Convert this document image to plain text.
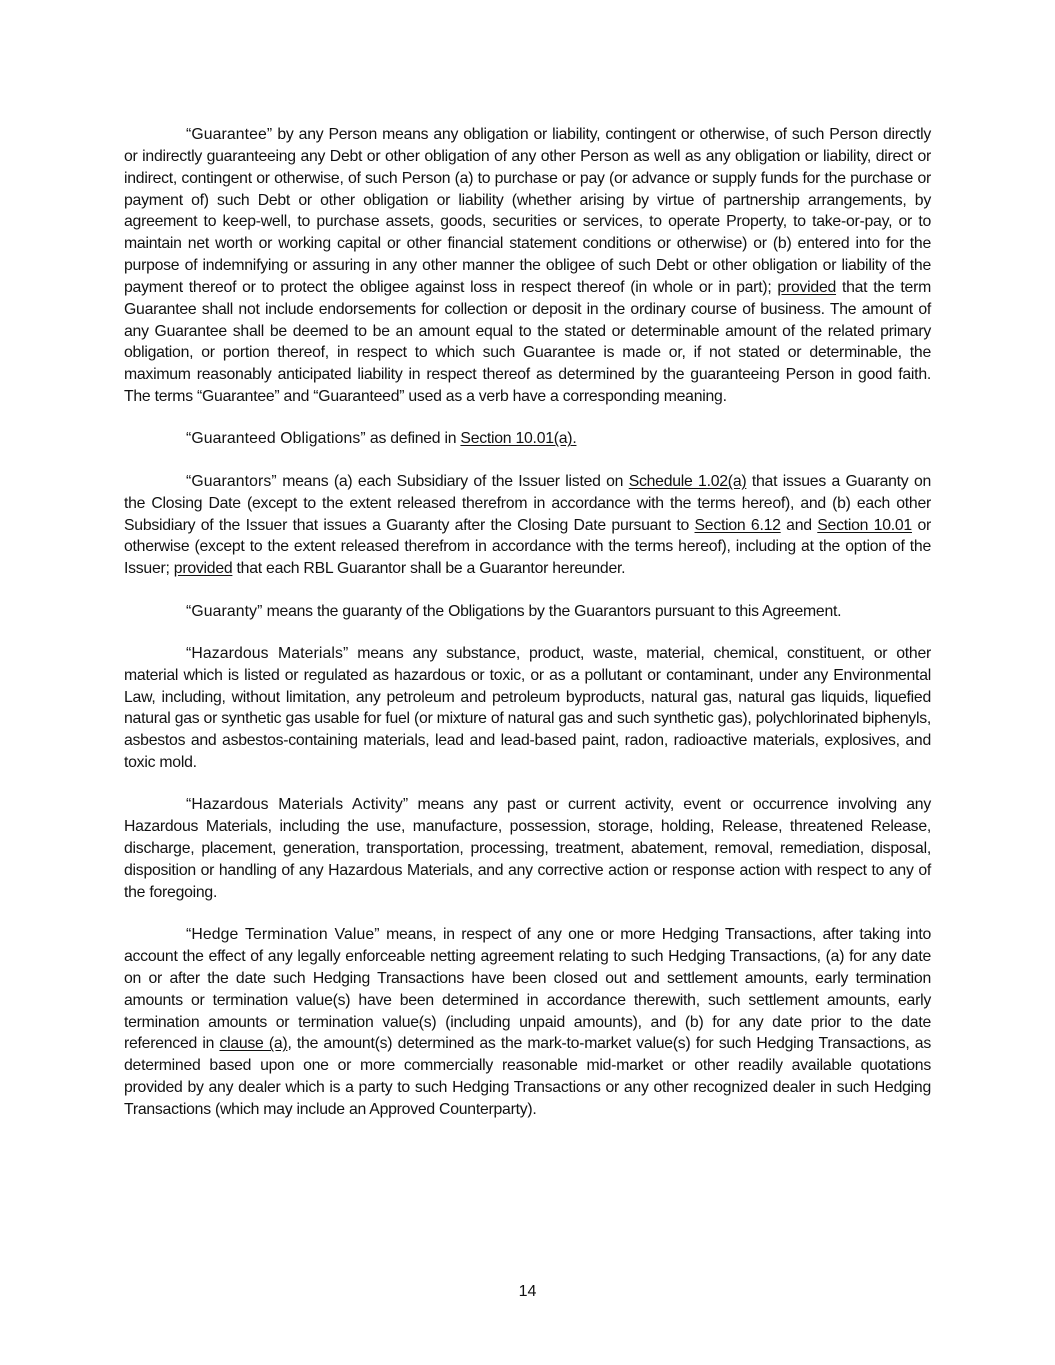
“Guarantee” by any Person means any obligation or liability, contingent or otherwise, of such Person directly or indirectly guaranteeing any Debt or other obligation of any other Person as well as any obligation or liability, direct or indirect, contingent or otherwise, of such Person (a) to purchase or pay (or advance or supply funds for the purchase or payment of) such Debt or other obligation or liability (whether arising by virtue of partnership arrangements, by agreement to keep-well, to purchase assets, goods, securities or services, to operate Property, to take-or-pay, or to maintain net worth or working capital or other financial statement conditions or otherwise) or (b) entered into for the purpose of indemnifying or assuring in any other manner the obligee of such Debt or other obligation or liability of the payment thereof or to protect the obligee against loss in respect thereof (in whole or in part); provided that the term Guarantee shall not include endorsements for collection or deposit in the ordinary course of business. The amount of any Guarantee shall be deemed to be an amount equal to the stated or determinable amount of the related primary obligation, or portion thereof, in respect to which such Guarantee is made or, if not stated or determinable, the maximum reasonably anticipated liability in respect thereof as determined by the guaranteeing Person in good faith. The terms “Guarantee” and “Guaranteed” used as a verb have a corresponding meaning.

“Guaranteed Obligations” as defined in Section 10.01(a).

“Guarantors” means (a) each Subsidiary of the Issuer listed on Schedule 1.02(a) that issues a Guaranty on the Closing Date (except to the extent released therefrom in accordance with the terms hereof), and (b) each other Subsidiary of the Issuer that issues a Guaranty after the Closing Date pursuant to Section 6.12 and Section 10.01 or otherwise (except to the extent released therefrom in accordance with the terms hereof), including at the option of the Issuer; provided that each RBL Guarantor shall be a Guarantor hereunder.

“Guaranty” means the guaranty of the Obligations by the Guarantors pursuant to this Agreement.

“Hazardous Materials” means any substance, product, waste, material, chemical, constituent, or other material which is listed or regulated as hazardous or toxic, or as a pollutant or contaminant, under any Environmental Law, including, without limitation, any petroleum and petroleum byproducts, natural gas, natural gas liquids, liquefied natural gas or synthetic gas usable for fuel (or mixture of natural gas and such synthetic gas), polychlorinated biphenyls, asbestos and asbestos-containing materials, lead and lead-based paint, radon, radioactive materials, explosives, and toxic mold.

“Hazardous Materials Activity” means any past or current activity, event or occurrence involving any Hazardous Materials, including the use, manufacture, possession, storage, holding, Release, threatened Release, discharge, placement, generation, transportation, processing, treatment, abatement, removal, remediation, disposal, disposition or handling of any Hazardous Materials, and any corrective action or response action with respect to any of the foregoing.

“Hedge Termination Value” means, in respect of any one or more Hedging Transactions, after taking into account the effect of any legally enforceable netting agreement relating to such Hedging Transactions, (a) for any date on or after the date such Hedging Transactions have been closed out and settlement amounts, early termination amounts or termination value(s) have been determined in accordance therewith, such settlement amounts, early termination amounts or termination value(s) (including unpaid amounts), and (b) for any date prior to the date referenced in clause (a), the amount(s) determined as the mark-to-market value(s) for such Hedging Transactions, as determined based upon one or more commercially reasonable mid-market or other readily available quotations provided by any dealer which is a party to such Hedging Transactions or any other recognized dealer in such Hedging Transactions (which may include an Approved Counterparty).

14
